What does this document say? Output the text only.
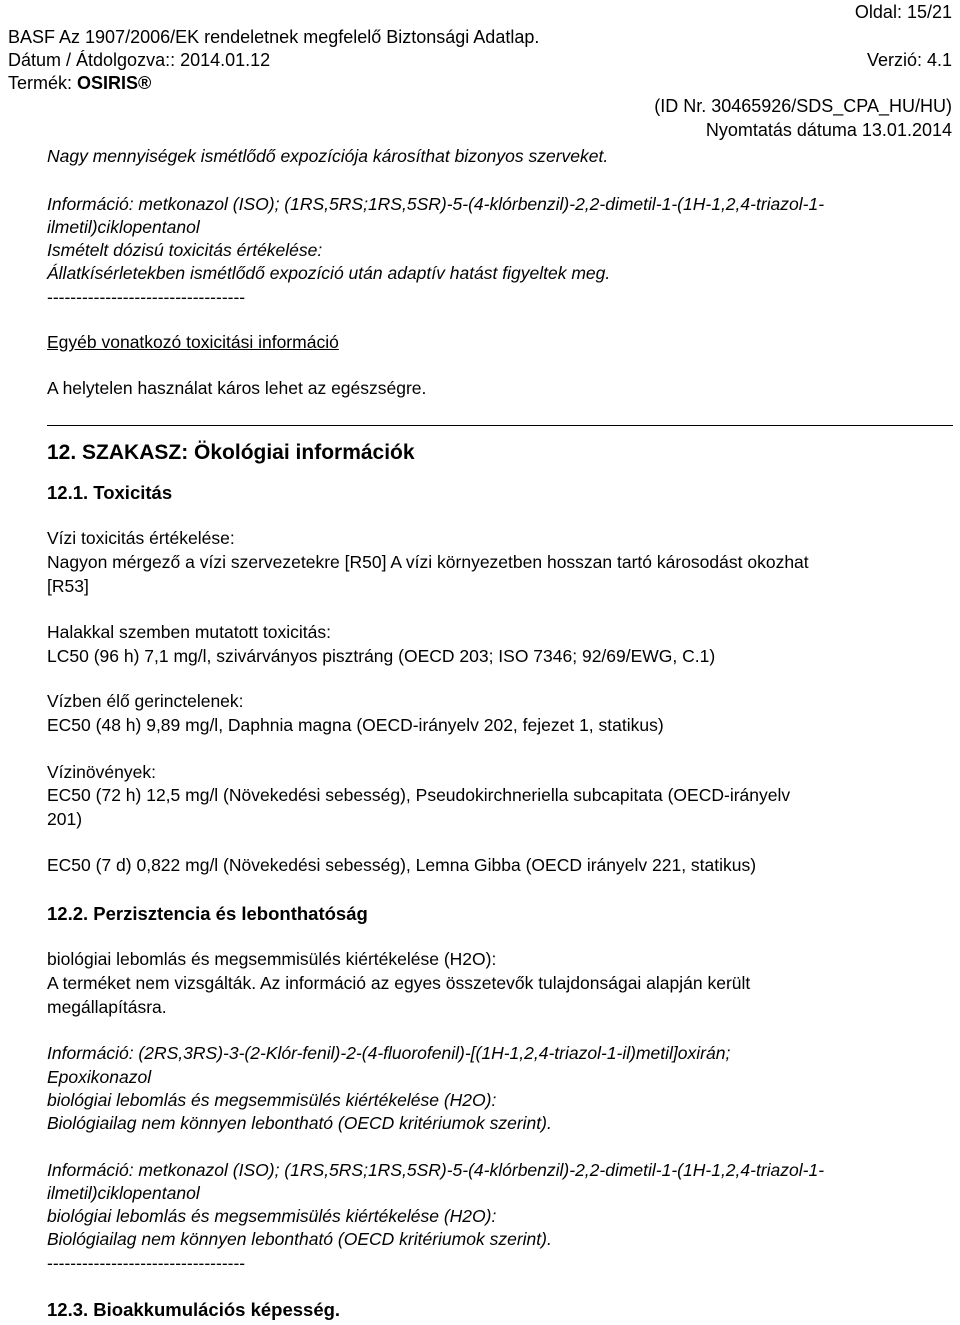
Oldal: 15/21
BASF Az 1907/2006/EK rendeletnek megfelelő Biztonsági Adatlap.
Dátum / Átdolgozva:: 2014.01.12	Verzió: 4.1
Termék: OSIRIS®
(ID Nr. 30465926/SDS_CPA_HU/HU)
Nyomtatás dátuma 13.01.2014
Nagy mennyiségek ismétlődő expozíciója károsíthat bizonyos szerveket.
Információ: metkonazol (ISO); (1RS,5RS;1RS,5SR)-5-(4-klórbenzil)-2,2-dimetil-1-(1H-1,2,4-triazol-1-
ilmetil)ciklopentanol
Ismételt dózisú toxicitás értékelése:
Állatkísérletekben ismétlődő expozíció után adaptív hatást figyeltek meg.
----------------------------------
Egyéb vonatkozó toxicitási információ
A helytelen használat káros lehet az egészségre.
12. SZAKASZ: Ökológiai információk
12.1. Toxicitás
Vízi toxicitás értékelése:
Nagyon mérgező a vízi szervezetekre [R50] A vízi környezetben hosszan tartó károsodást okozhat
[R53]
Halakkal szemben mutatott toxicitás:
LC50 (96 h) 7,1 mg/l, szivárványos pisztráng (OECD 203; ISO 7346; 92/69/EWG, C.1)
Vízben élő gerinctelenek:
EC50 (48 h) 9,89 mg/l, Daphnia magna (OECD-irányelv 202, fejezet 1, statikus)
Vízinövények:
EC50 (72 h) 12,5 mg/l (Növekedési sebesség), Pseudokirchneriella subcapitata (OECD-irányelv
201)
EC50 (7 d) 0,822 mg/l (Növekedési sebesség), Lemna Gibba (OECD irányelv 221, statikus)
12.2. Perzisztencia és lebonthatóság
biológiai lebomlás és megsemmisülés kiértékelése (H2O):
A terméket nem vizsgálták. Az információ az egyes összetevők tulajdonságai alapján került
megállapításra.
Információ: (2RS,3RS)-3-(2-Klór-fenil)-2-(4-fluorofenil)-[(1H-1,2,4-triazol-1-il)metil]oxirán;
Epoxikonazol
biológiai lebomlás és megsemmisülés kiértékelése (H2O):
Biológiailag nem könnyen lebontható (OECD kritériumok szerint).
Információ: metkonazol (ISO); (1RS,5RS;1RS,5SR)-5-(4-klórbenzil)-2,2-dimetil-1-(1H-1,2,4-triazol-1-
ilmetil)ciklopentanol
biológiai lebomlás és megsemmisülés kiértékelése (H2O):
Biológiailag nem könnyen lebontható (OECD kritériumok szerint).
----------------------------------
12.3. Bioakkumulációs képesség.
